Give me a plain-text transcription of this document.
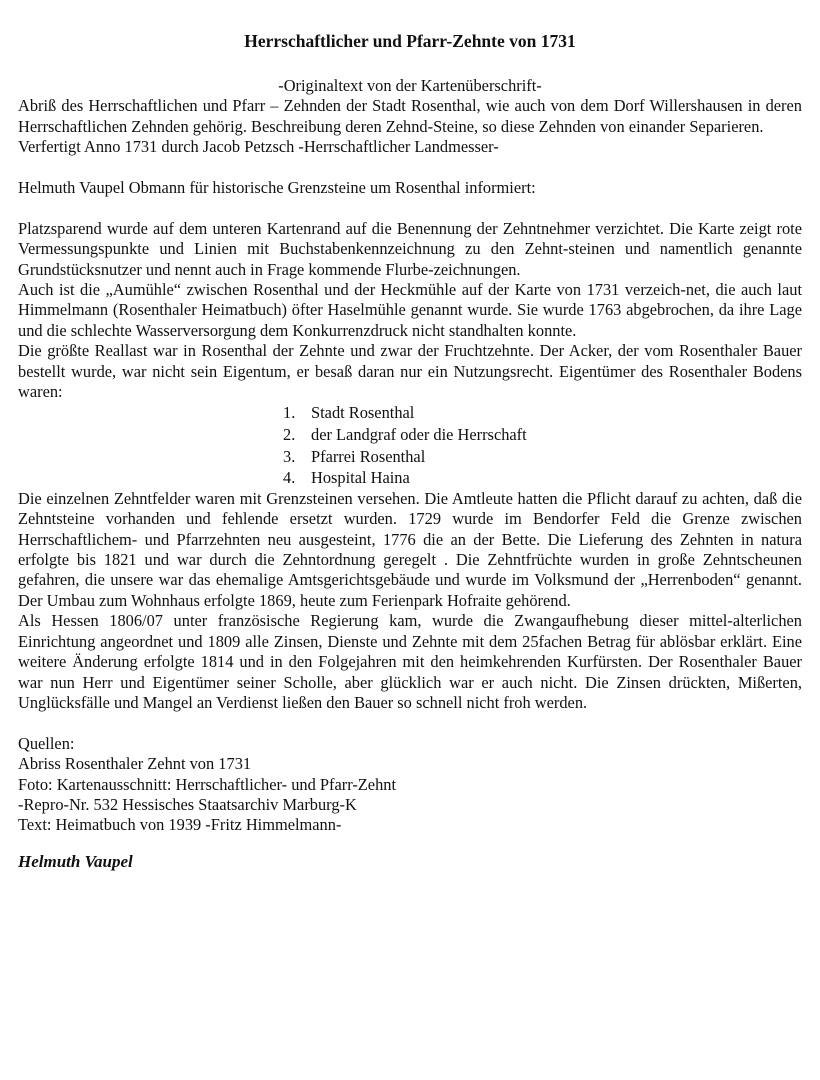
Herrschaftlicher und Pfarr-Zehnte von 1731

-Originaltext von der Kartenüberschrift-

Abriß des Herrschaftlichen und Pfarr – Zehnden der Stadt Rosenthal, wie auch von dem Dorf Willershausen in deren Herrschaftlichen Zehnden gehörig. Beschreibung deren Zehnd-Steine, so diese Zehnden von einander Separieren.

Verfertigt Anno 1731 durch Jacob Petzsch -Herrschaftlicher Landmesser-

Helmuth Vaupel Obmann für historische Grenzsteine um Rosenthal informiert:

Platzsparend wurde auf dem unteren Kartenrand auf die Benennung der Zehntnehmer verzichtet. Die Karte zeigt rote Vermessungspunkte und Linien mit Buchstabenkennzeichnung zu den Zehnt-steinen und namentlich genannte Grundstücksnutzer und nennt auch in Frage kommende Flurbe-zeichnungen.

Auch ist die „Aumühle“ zwischen Rosenthal und der Heckmühle auf der Karte von 1731 verzeich-net, die auch laut Himmelmann (Rosenthaler Heimatbuch) öfter Haselmühle genannt wurde. Sie wurde 1763 abgebrochen, da ihre Lage und die schlechte Wasserversorgung dem Konkurrenzdruck nicht standhalten konnte.

Die größte Reallast war in Rosenthal der Zehnte und zwar der Fruchtzehnte. Der Acker, der vom Rosenthaler Bauer bestellt wurde, war nicht sein Eigentum, er besaß daran nur ein Nutzungsrecht. Eigentümer des Rosenthaler Bodens waren:

1. Stadt Rosenthal
2. der Landgraf oder die Herrschaft
3. Pfarrei Rosenthal
4. Hospital Haina

Die einzelnen Zehntfelder waren mit Grenzsteinen versehen. Die Amtleute hatten die Pflicht darauf zu achten, daß die Zehntsteine vorhanden und fehlende ersetzt wurden. 1729 wurde im Bendorfer Feld die Grenze zwischen Herrschaftlichem- und Pfarrzehnten neu ausgesteint, 1776 die an der Bette. Die Lieferung des Zehnten in natura erfolgte bis 1821 und war durch die Zehntordnung geregelt . Die Zehntfrüchte wurden in große Zehntscheunen gefahren, die unsere war das ehemalige Amtsgerichtsgebäude und wurde im Volksmund der „Herrenboden“ genannt. Der Umbau zum Wohnhaus erfolgte 1869, heute zum Ferienpark Hofraite gehörend.

Als Hessen 1806/07 unter französische Regierung kam, wurde die Zwangaufhebung dieser mittel-alterlichen Einrichtung angeordnet und 1809 alle Zinsen, Dienste und Zehnte mit dem 25fachen Betrag für ablösbar erklärt. Eine weitere Änderung erfolgte 1814 und in den Folgejahren mit den heimkehrenden Kurfürsten. Der Rosenthaler Bauer war nun Herr und Eigentümer seiner Scholle, aber glücklich war er auch nicht. Die Zinsen drückten, Mißerten, Unglücksfälle und Mangel an Verdienst ließen den Bauer so schnell nicht froh werden.

Quellen:

Abriss Rosenthaler Zehnt von 1731

Foto: Kartenausschnitt: Herrschaftlicher- und Pfarr-Zehnt

-Repro-Nr. 532 Hessisches Staatsarchiv Marburg-K

Text: Heimatbuch von 1939 -Fritz Himmelmann-

Helmuth Vaupel
